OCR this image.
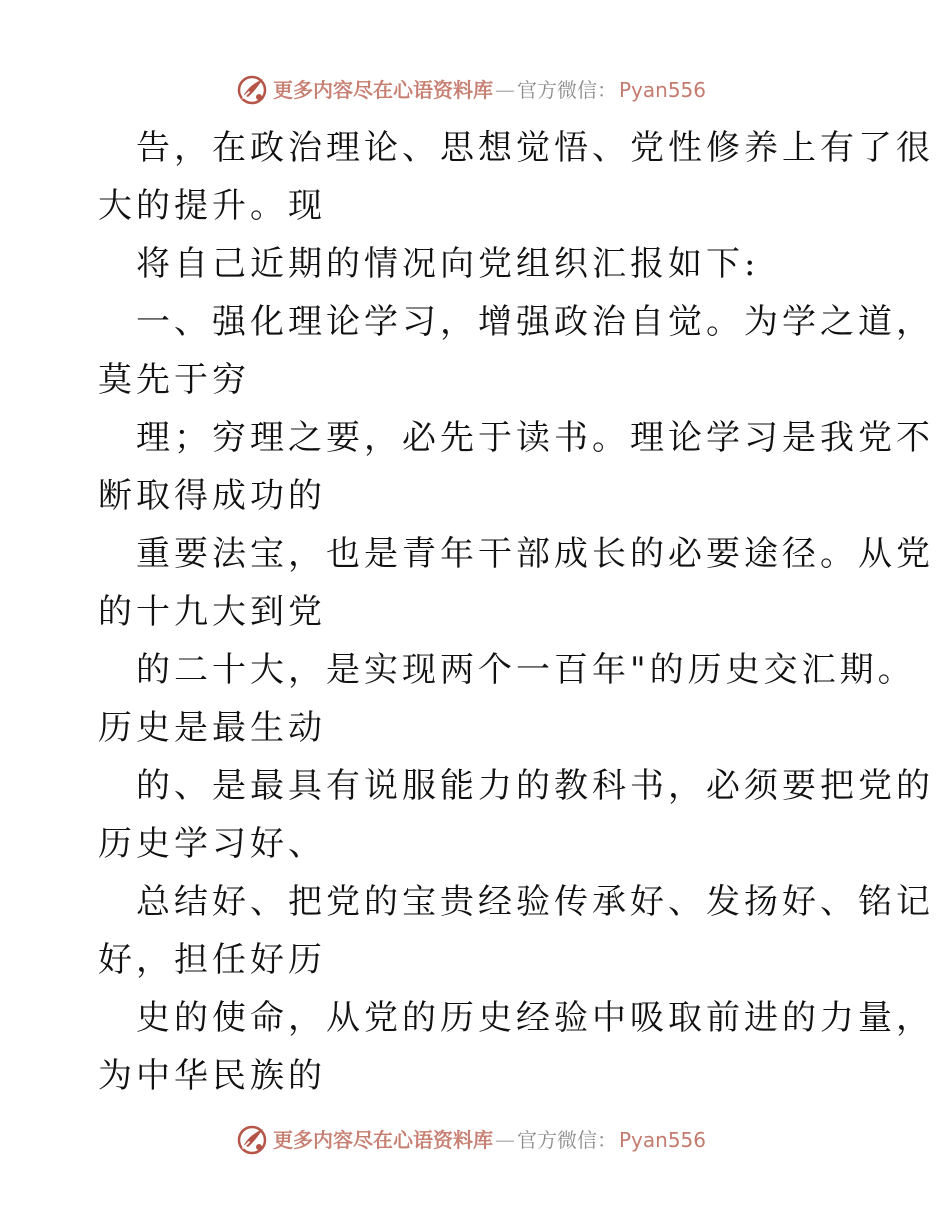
更多内容尽在心语资料库 — 官方微信： Pyan556
告，在政治理论、思想觉悟、党性修养上有了很
大的提升。现
将自己近期的情况向党组织汇报如下:
一、强化理论学习，增强政治自觉。为学之道，
莫先于穷
理；穷理之要，必先于读书。理论学习是我党不
断取得成功的
重要法宝，也是青年干部成长的必要途径。从党
的十九大到党
的二十大，是实现两个一百年"的历史交汇期。
历史是最生动
的、是最具有说服能力的教科书，必须要把党的
历史学习好、
总结好、把党的宝贵经验传承好、发扬好、铭记
好，担任好历
史的使命，从党的历史经验中吸取前进的力量，
为中华民族的
更多内容尽在心语资料库 — 官方微信： Pyan556
